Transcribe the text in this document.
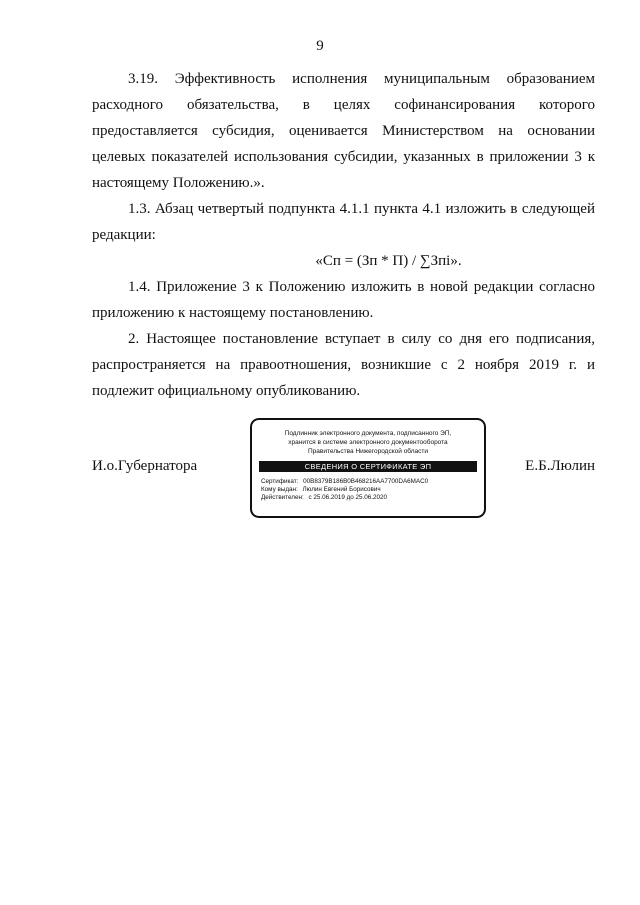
9

3.19. Эффективность исполнения муниципальным образованием расходного обязательства, в целях софинансирования которого предоставляется субсидия, оценивается Министерством на основании целевых показателей использования субсидии, указанных в приложении 3 к настоящему Положению.».

1.3. Абзац четвертый подпункта 4.1.1 пункта 4.1 изложить в следующей редакции:

«Сп = (Зп * П) / ∑Зпi».

1.4. Приложение 3 к Положению изложить в новой редакции согласно приложению к настоящему постановлению.

2. Настоящее постановление вступает в силу со дня его подписания, распространяется на правоотношения, возникшие с 2 ноября 2019 г. и подлежит официальному опубликованию.

И.о.Губернатора
Подлинник электронного документа, подписанного ЭП,
хранится в системе электронного документооборота
Правительства Нижегородской области
СВЕДЕНИЯ О СЕРТИФИКАТЕ ЭП
Сертификат: 00B8379B186B0B468216AA7700DA6MAC0
Кому выдан: Люлин Евгений Борисович
Действителен: с 25.06.2019 до 25.06.2020
Е.Б.Люлин
